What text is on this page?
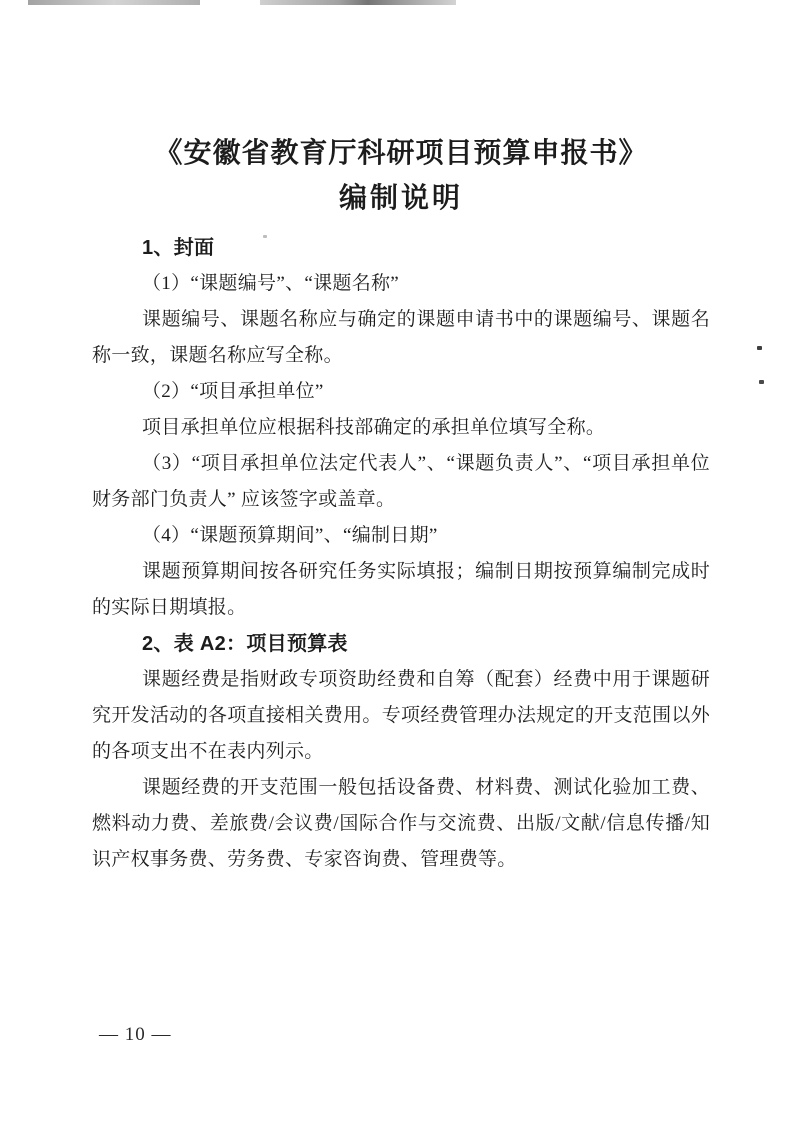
《安徽省教育厅科研项目预算申报书》
编制说明

1、封面

（1）“课题编号”、“课题名称”

课题编号、课题名称应与确定的课题申请书中的课题编号、课题名称一致，课题名称应写全称。

（2）“项目承担单位”

项目承担单位应根据科技部确定的承担单位填写全称。

（3）“项目承担单位法定代表人”、“课题负责人”、“项目承担单位财务部门负责人” 应该签字或盖章。

（4）“课题预算期间”、“编制日期”

课题预算期间按各研究任务实际填报；编制日期按预算编制完成时的实际日期填报。

2、表 A2：项目预算表

课题经费是指财政专项资助经费和自筹（配套）经费中用于课题研究开发活动的各项直接相关费用。专项经费管理办法规定的开支范围以外的各项支出不在表内列示。

课题经费的开支范围一般包括设备费、材料费、测试化验加工费、燃料动力费、差旅费/会议费/国际合作与交流费、出版/文献/信息传播/知识产权事务费、劳务费、专家咨询费、管理费等。

— 10 —
